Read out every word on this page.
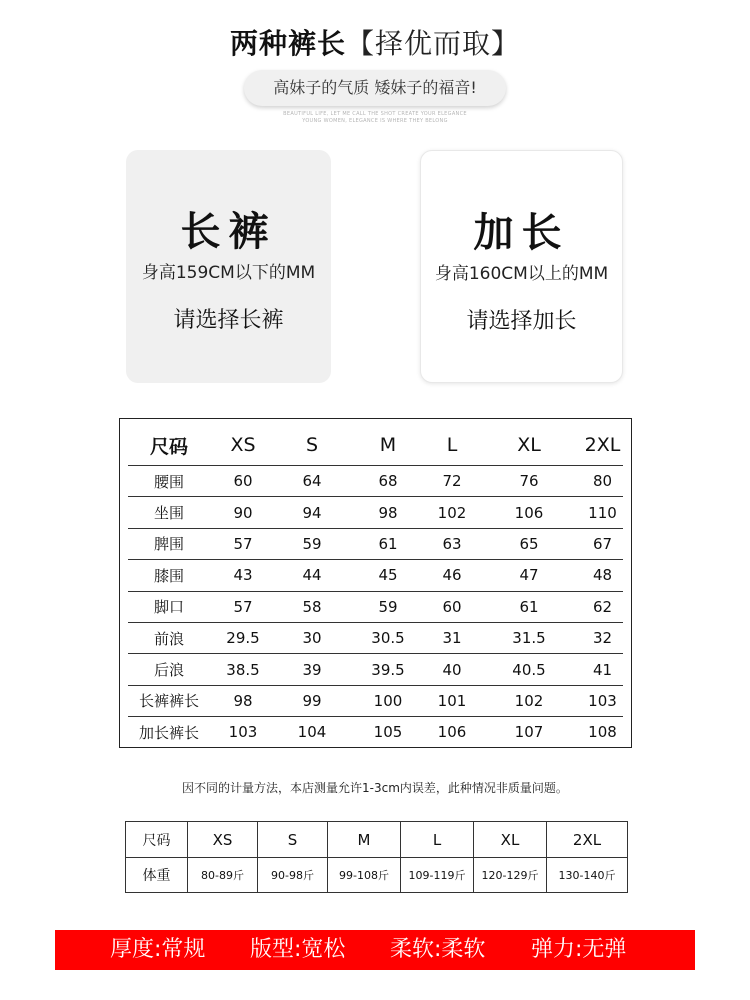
两种裤长【择优而取】
高妹子的气质 矮妹子的福音!
BEAUTIFUL LIFE, LET ME CALL THE SHOT CREATE YOUR ELEGANCE
YOUNG WOMEN, ELEGANCE IS WHERE THEY BELONG
长裤
身高159CM以下的MM
请选择长裤
加长
身高160CM以上的MM
请选择加长
尺码	XS	S	M	L	XL	2XL
腰围	60	64	68	72	76	80
坐围	90	94	98	102	106	110
脾围	57	59	61	63	65	67
膝围	43	44	45	46	47	48
脚口	57	58	59	60	61	62
前浪	29.5	30	30.5	31	31.5	32
后浪	38.5	39	39.5	40	40.5	41
长裤裤长	98	99	100	101	102	103
加长裤长	103	104	105	106	107	108
因不同的计量方法，本店测量允许1-3cm内误差，此种情况非质量问题。
尺码	XS	S	M	L	XL	2XL
体重	80-89斤	90-98斤	99-108斤	109-119斤	120-129斤	130-140斤
厚度:常规 版型:宽松 柔软:柔软 弹力:无弹
